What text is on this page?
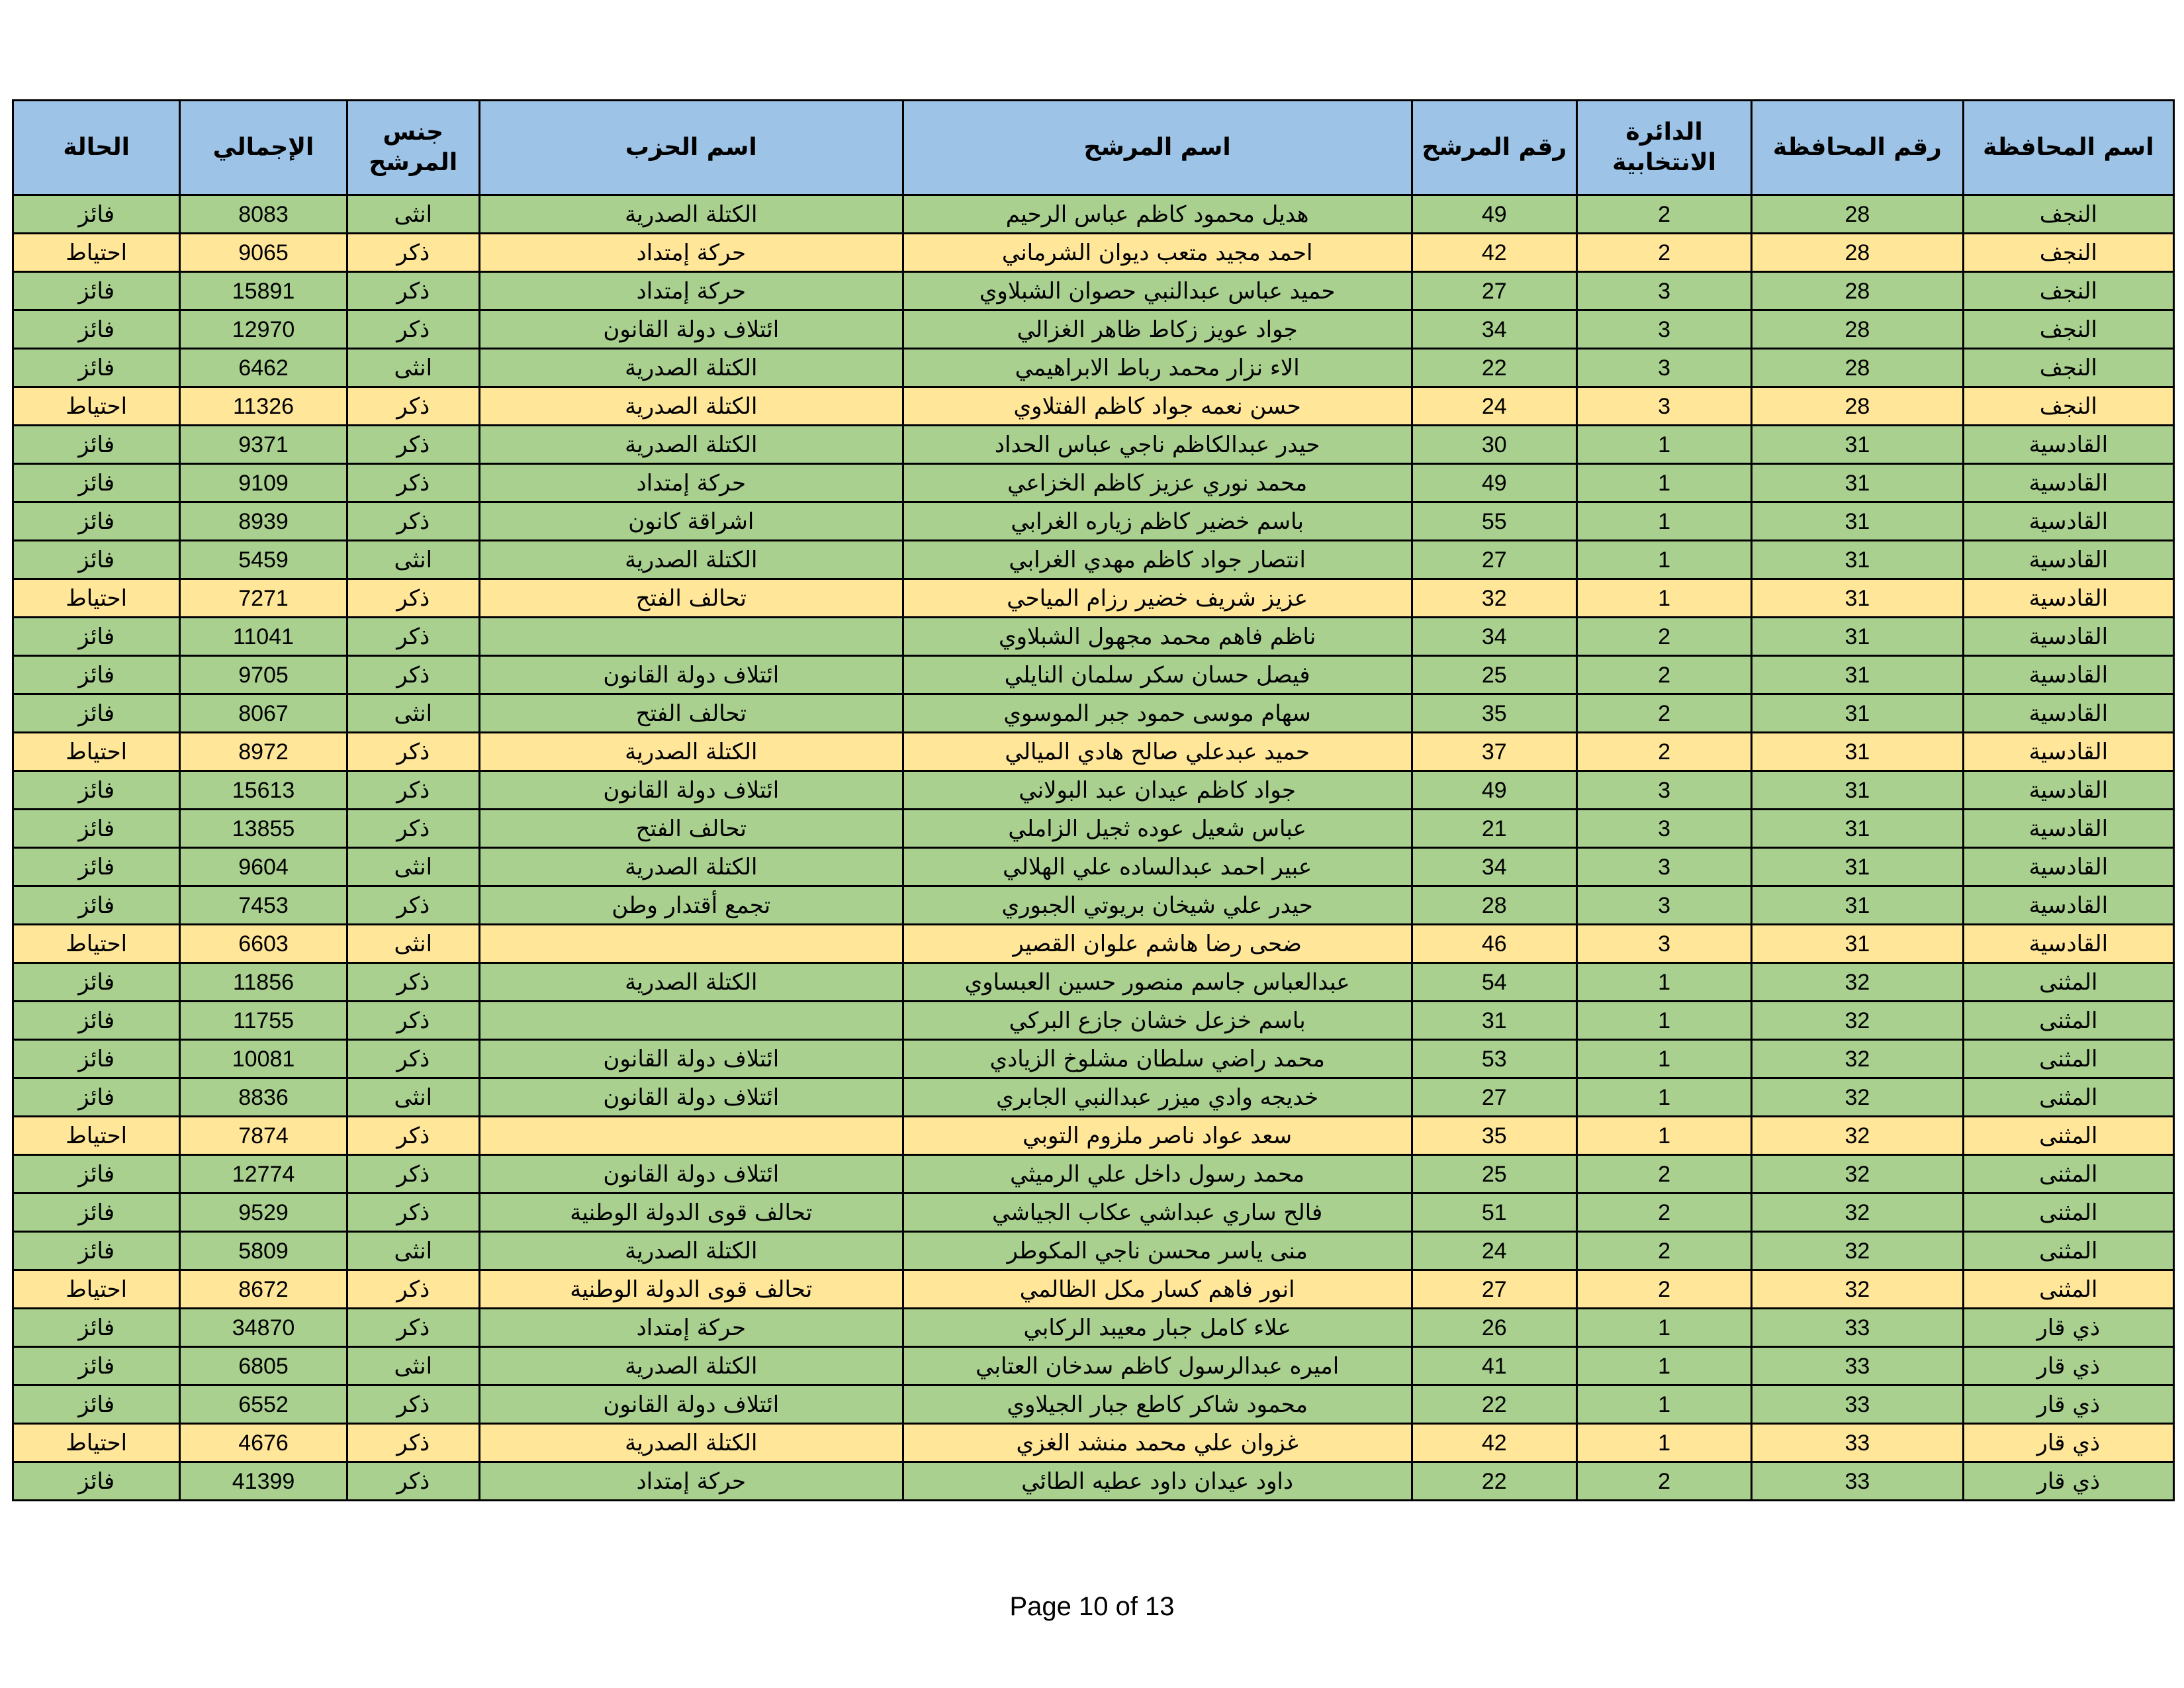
اسم المحافظة	رقم المحافظة	الدائرة الانتخابية	رقم المرشح	اسم المرشح	اسم الحزب	جنس المرشح	الإجمالي	الحالة
النجف	28	2	49	هديل محمود كاظم عباس الرحيم	الكتلة الصدرية	انثى	8083	فائز
النجف	28	2	42	احمد مجيد متعب ديوان الشرماني	حركة إمتداد	ذكر	9065	احتياط
النجف	28	3	27	حميد عباس عبدالنبي حصوان الشبلاوي	حركة إمتداد	ذكر	15891	فائز
النجف	28	3	34	جواد عويز زكاط ظاهر الغزالي	ائتلاف دولة القانون	ذكر	12970	فائز
النجف	28	3	22	الاء نزار محمد رباط الابراهيمي	الكتلة الصدرية	انثى	6462	فائز
النجف	28	3	24	حسن نعمه جواد كاظم الفتلاوي	الكتلة الصدرية	ذكر	11326	احتياط
القادسية	31	1	30	حيدر عبدالكاظم ناجي عباس الحداد	الكتلة الصدرية	ذكر	9371	فائز
القادسية	31	1	49	محمد نوري عزيز كاظم الخزاعي	حركة إمتداد	ذكر	9109	فائز
القادسية	31	1	55	باسم خضير كاظم زياره الغرابي	اشراقة كانون	ذكر	8939	فائز
القادسية	31	1	27	انتصار جواد كاظم مهدي الغرابي	الكتلة الصدرية	انثى	5459	فائز
القادسية	31	1	32	عزيز شريف خضير رزام المياحي	تحالف الفتح	ذكر	7271	احتياط
القادسية	31	2	34	ناظم فاهم محمد مجهول الشبلاوي		ذكر	11041	فائز
القادسية	31	2	25	فيصل حسان سكر سلمان النايلي	ائتلاف دولة القانون	ذكر	9705	فائز
القادسية	31	2	35	سهام موسى حمود جبر الموسوي	تحالف الفتح	انثى	8067	فائز
القادسية	31	2	37	حميد عبدعلي صالح هادي الميالي	الكتلة الصدرية	ذكر	8972	احتياط
القادسية	31	3	49	جواد كاظم عيدان عبد البولاني	ائتلاف دولة القانون	ذكر	15613	فائز
القادسية	31	3	21	عباس شعيل عوده ثجيل الزاملي	تحالف الفتح	ذكر	13855	فائز
القادسية	31	3	34	عبير احمد عبدالساده علي الهلالي	الكتلة الصدرية	انثى	9604	فائز
القادسية	31	3	28	حيدر علي شيخان بريوتي الجبوري	تجمع أقتدار وطن	ذكر	7453	فائز
القادسية	31	3	46	ضحى رضا هاشم علوان القصير		انثى	6603	احتياط
المثنى	32	1	54	عبدالعباس جاسم منصور حسين العبساوي	الكتلة الصدرية	ذكر	11856	فائز
المثنى	32	1	31	باسم خزعل خشان جازع البركي		ذكر	11755	فائز
المثنى	32	1	53	محمد راضي سلطان مشلوخ الزيادي	ائتلاف دولة القانون	ذكر	10081	فائز
المثنى	32	1	27	خديجه وادي ميزر عبدالنبي الجابري	ائتلاف دولة القانون	انثى	8836	فائز
المثنى	32	1	35	سعد عواد ناصر ملزوم التوبي		ذكر	7874	احتياط
المثنى	32	2	25	محمد رسول داخل علي الرميثي	ائتلاف دولة القانون	ذكر	12774	فائز
المثنى	32	2	51	فالح ساري عبداشي عكاب الجياشي	تحالف قوى الدولة الوطنية	ذكر	9529	فائز
المثنى	32	2	24	منى ياسر محسن ناجي المكوطر	الكتلة الصدرية	انثى	5809	فائز
المثنى	32	2	27	انور فاهم كسار مكل الظالمي	تحالف قوى الدولة الوطنية	ذكر	8672	احتياط
ذي قار	33	1	26	علاء كامل جبار معيبد الركابي	حركة إمتداد	ذكر	34870	فائز
ذي قار	33	1	41	اميره عبدالرسول كاظم سدخان العتابي	الكتلة الصدرية	انثى	6805	فائز
ذي قار	33	1	22	محمود شاكر كاطع جبار الجيلاوي	ائتلاف دولة القانون	ذكر	6552	فائز
ذي قار	33	1	42	غزوان علي محمد منشد الغزي	الكتلة الصدرية	ذكر	4676	احتياط
ذي قار	33	2	22	داود عيدان داود عطيه الطائي	حركة إمتداد	ذكر	41399	فائز
Page 10 of 13
